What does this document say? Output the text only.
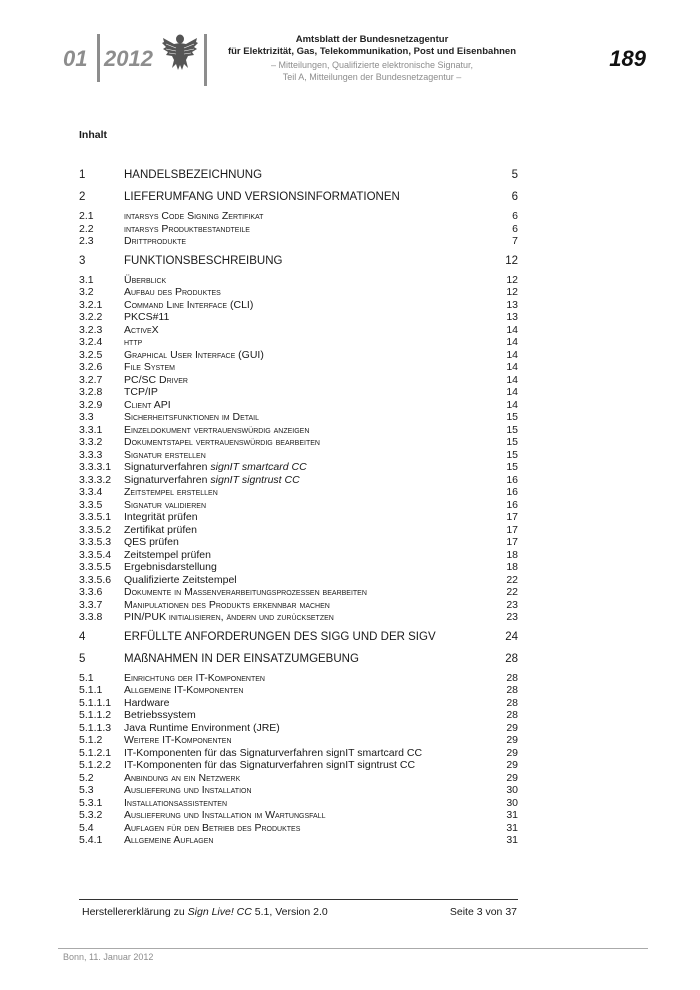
01 2012
Amtsblatt der Bundesnetzagentur
für Elektrizität, Gas, Telekommunikation, Post und Eisenbahnen
– Mitteilungen, Qualifizierte elektronische Signatur,
Teil A, Mitteilungen der Bundesnetzagentur –
189
Inhalt
1	HANDELSBEZEICHNUNG	5
2	LIEFERUMFANG UND VERSIONSINFORMATIONEN	6
2.1	intarsys Code Signing Zertifikat	6
2.2	intarsys Produktbestandteile	6
2.3	Drittprodukte	7
3	FUNKTIONSBESCHREIBUNG	12
3.1	Überblick	12
3.2	Aufbau des Produktes	12
3.2.1 Command Line Interface (CLI)	13
3.2.2 PKCS#11	13
3.2.3 ActiveX	14
3.2.4 http	14
3.2.5 Graphical User Interface (GUI)	14
3.2.6 File System	14
3.2.7 PC/SC Driver	14
3.2.8 TCP/IP	14
3.2.9 Client API	14
3.3	Sicherheitsfunktionen im Detail	15
3.3.1 Einzeldokument vertrauenswürdig anzeigen	15
3.3.2 Dokumentstapel vertrauenswürdig bearbeiten	15
3.3.3 Signatur erstellen	15
3.3.3.1 Signaturverfahren signIT smartcard CC	15
3.3.3.2 Signaturverfahren signIT signtrust CC	16
3.3.4 Zeitstempel erstellen	16
3.3.5 Signatur validieren	16
3.3.5.1 Integrität prüfen	17
3.3.5.2 Zertifikat prüfen	17
3.3.5.3 QES prüfen	17
3.3.5.4 Zeitstempel prüfen	18
3.3.5.5 Ergebnisdarstellung	18
3.3.5.6 Qualifizierte Zeitstempel	22
3.3.6 Dokumente in Massenverarbeitungsprozessen bearbeiten	22
3.3.7 Manipulationen des Produkts erkennbar machen	23
3.3.8 PIN/PUK initialisieren, ändern und zurücksetzen	23
4	ERFÜLLTE ANFORDERUNGEN DES SIGG UND DER SIGV	24
5	MAßNAHMEN IN DER EINSATZUMGEBUNG	28
5.1	Einrichtung der IT-Komponenten	28
5.1.1 Allgemeine IT-Komponenten	28
5.1.1.1 Hardware	28
5.1.1.2 Betriebssystem	28
5.1.1.3 Java Runtime Environment (JRE)	29
5.1.2 Weitere IT-Komponenten	29
5.1.2.1 IT-Komponenten für das Signaturverfahren signIT smartcard CC	29
5.1.2.2 IT-Komponenten für das Signaturverfahren signIT signtrust CC	29
5.2	Anbindung an ein Netzwerk	29
5.3	Auslieferung und Installation	30
5.3.1 Installationsassistenten	30
5.3.2 Auslieferung und Installation im Wartungsfall	31
5.4	Auflagen für den Betrieb des Produktes	31
5.4.1 Allgemeine Auflagen	31
Herstellererklärung zu Sign Live! CC 5.1, Version 2.0	Seite 3 von 37
Bonn, 11. Januar 2012
